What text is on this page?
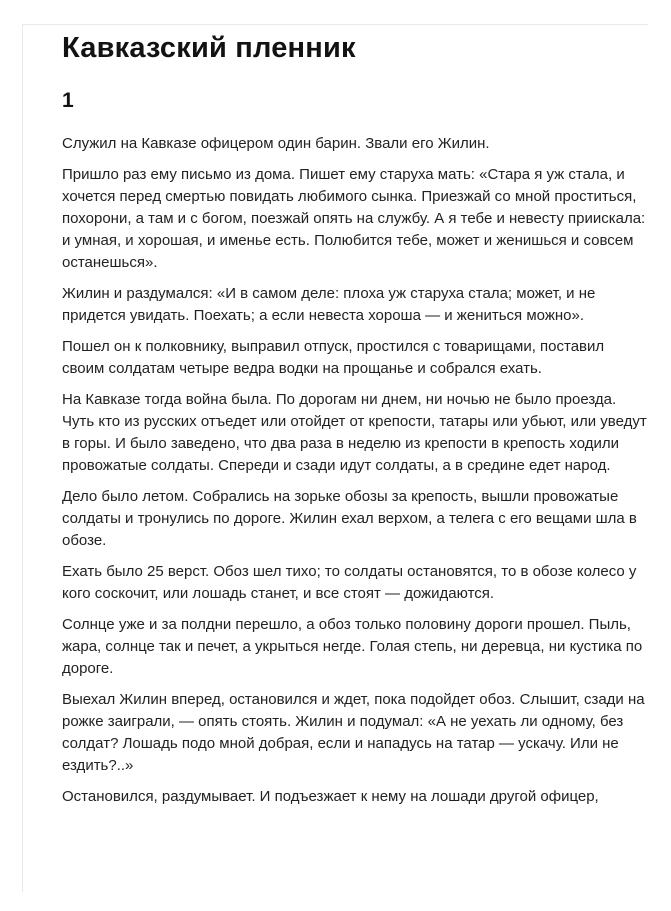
Кавказский пленник
1

Служил на Кавказе офицером один барин. Звали его Жилин.

Пришло раз ему письмо из дома. Пишет ему старуха мать: «Стара я уж стала, и хочется перед смертью повидать любимого сынка. Приезжай со мной проститься, похорони, а там и с богом, поезжай опять на службу. А я тебе и невесту приискала: и умная, и хорошая, и именье есть. Полюбится тебе, может и женишься и совсем останешься».

Жилин и раздумался: «И в самом деле: плоха уж старуха стала; может, и не придется увидать. Поехать; а если невеста хороша — и жениться можно».

Пошел он к полковнику, выправил отпуск, простился с товарищами, поставил своим солдатам четыре ведра водки на прощанье и собрался ехать.

На Кавказе тогда война была. По дорогам ни днем, ни ночью не было проезда. Чуть кто из русских отъедет или отойдет от крепости, татары или убьют, или уведут в горы. И было заведено, что два раза в неделю из крепости в крепость ходили провожатые солдаты. Спереди и сзади идут солдаты, а в средине едет народ.

Дело было летом. Собрались на зорьке обозы за крепость, вышли провожатые солдаты и тронулись по дороге. Жилин ехал верхом, а телега с его вещами шла в обозе.

Ехать было 25 верст. Обоз шел тихо; то солдаты остановятся, то в обозе колесо у кого соскочит, или лошадь станет, и все стоят — дожидаются.

Солнце уже и за полдни перешло, а обоз только половину дороги прошел. Пыль, жара, солнце так и печет, а укрыться негде. Голая степь, ни деревца, ни кустика по дороге.

Выехал Жилин вперед, остановился и ждет, пока подойдет обоз. Слышит, сзади на рожке заиграли, — опять стоять. Жилин и подумал: «А не уехать ли одному, без солдат? Лошадь подо мной добрая, если и нападусь на татар — ускачу. Или не ездить?..»

Остановился, раздумывает. И подъезжает к нему на лошади другой офицер,
